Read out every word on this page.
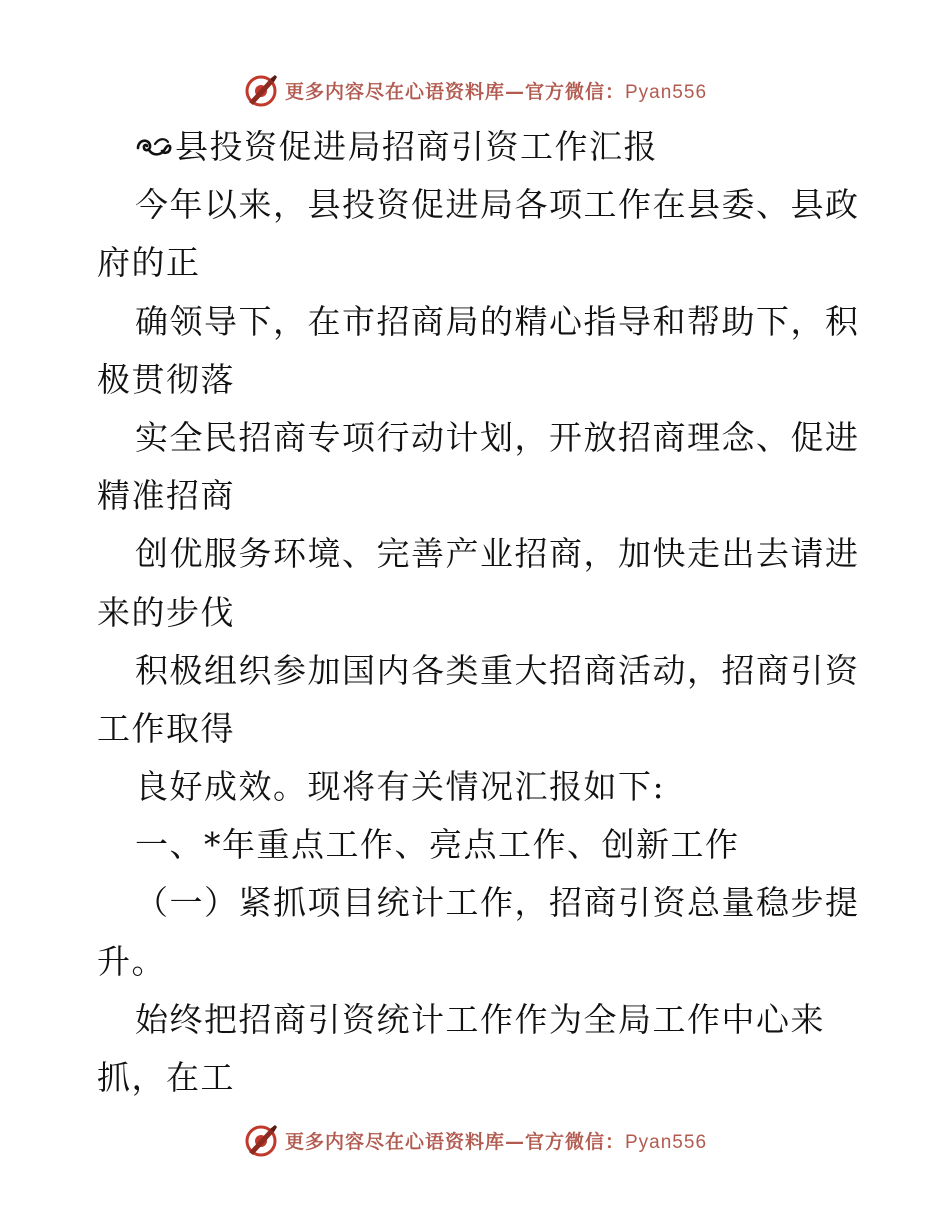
更多内容尽在心语资料库—官方微信：Pyan556
县投资促进局招商引资工作汇报
今年以来，县投资促进局各项工作在县委、县政
府的正
确领导下，在市招商局的精心指导和帮助下，积
极贯彻落
实全民招商专项行动计划，开放招商理念、促进
精准招商
创优服务环境、完善产业招商，加快走出去请进
来的步伐
积极组织参加国内各类重大招商活动，招商引资
工作取得
良好成效。现将有关情况汇报如下:
一、*年重点工作、亮点工作、创新工作
（一）紧抓项目统计工作，招商引资总量稳步提
升。
始终把招商引资统计工作作为全局工作中心来
抓，在工
更多内容尽在心语资料库—官方微信：Pyan556
